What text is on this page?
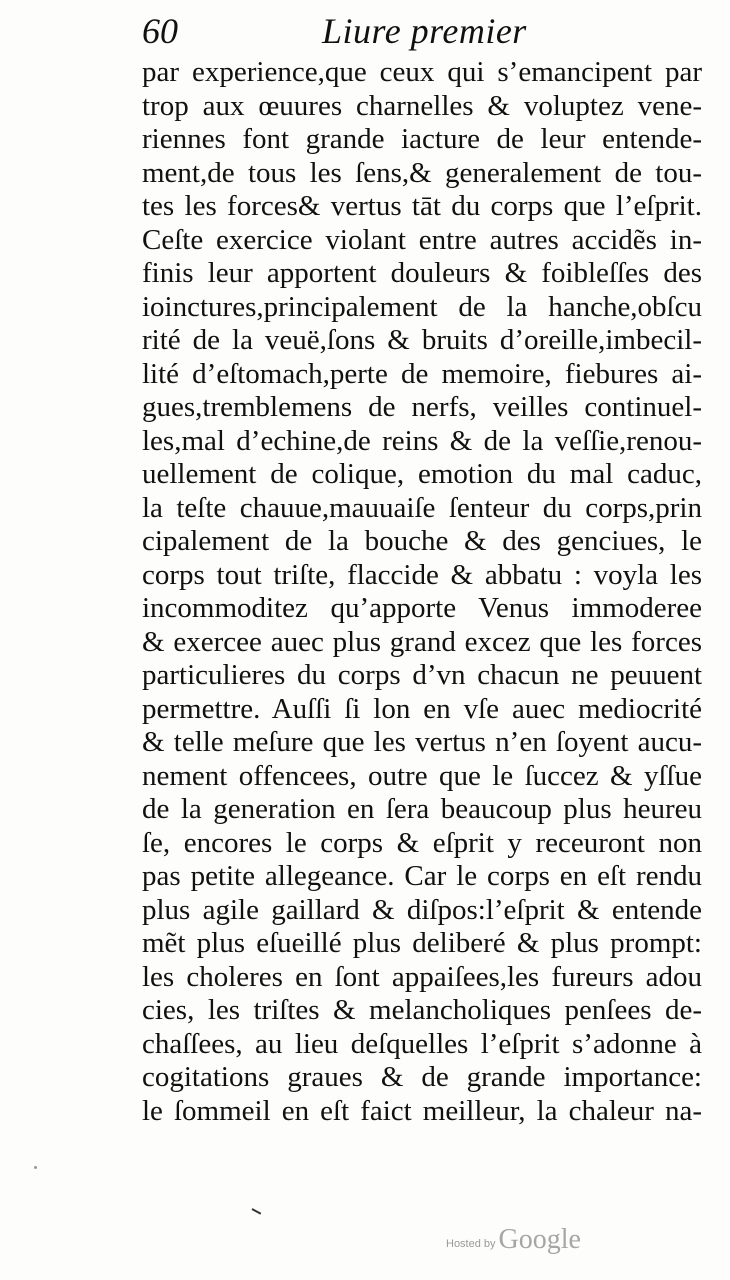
60	Liure premier
par experience,que ceux qui s’emancipent par
trop aux œuures charnelles & voluptez vene-
riennes font grande iacture de leur entende-
ment,de tous les ſens,& generalement de tou-
tes les forces& vertus tāt du corps que l’eſprit.
Ceſte exercice violant entre autres accidẽs in-
finis leur apportent douleurs & foibleſſes des
ioinctures,principalement de la hanche,obſcu
rité de la veuë,ſons & bruits d’oreille,imbecil-
lité d’eſtomach,perte de memoire, fiebures ai-
gues,tremblemens de nerfs, veilles continuel-
les,mal d’echine,de reins & de la veſſie,renou-
uellement de colique, emotion du mal caduc,
la teſte chauue,mauuaiſe ſenteur du corps,prin
cipalement de la bouche & des genciues, le
corps tout triſte, flaccide & abbatu : voyla les
incommoditez qu’apporte Venus immoderee
& exercee auec plus grand excez que les forces
particulieres du corps d’vn chacun ne peuuent
permettre. Auſſi ſi lon en vſe auec mediocrité
& telle meſure que les vertus n’en ſoyent aucu-
nement offencees, outre que le ſuccez & yſſue
de la generation en ſera beaucoup plus heureu
ſe, encores le corps & eſprit y receuront non
pas petite allegeance. Car le corps en eſt rendu
plus agile gaillard & diſpos:l’eſprit & entende
mẽt plus eſueillé plus deliberé & plus prompt:
les choleres en ſont appaiſees,les fureurs adou
cies, les triſtes & melancholiques penſees de-
chaſſees, au lieu deſquelles l’eſprit s’adonne à
cogitations graues & de grande importance:
le ſommeil en eſt faict meilleur, la chaleur na-
Hosted by Google
